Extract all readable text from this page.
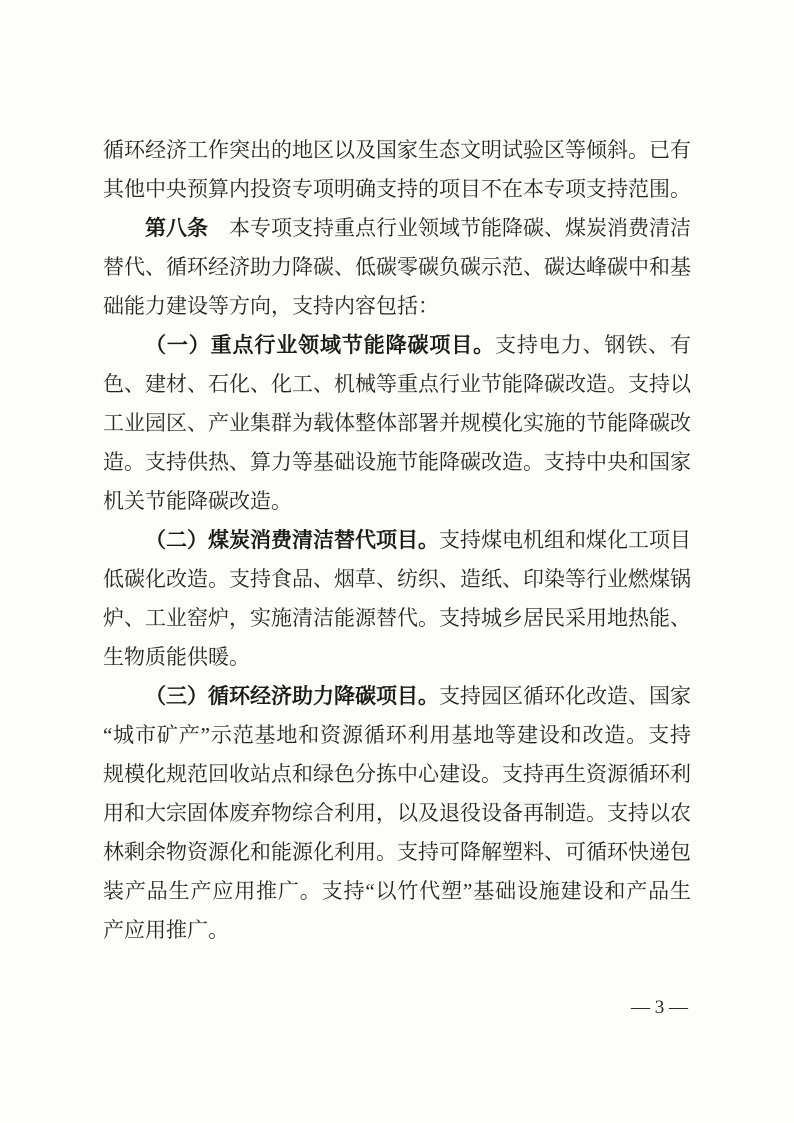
循环经济工作突出的地区以及国家生态文明试验区等倾斜。已有
其他中央预算内投资专项明确支持的项目不在本专项支持范围。
第八条 本专项支持重点行业领域节能降碳、煤炭消费清洁
替代、循环经济助力降碳、低碳零碳负碳示范、碳达峰碳中和基
础能力建设等方向，支持内容包括：
（一）重点行业领域节能降碳项目。支持电力、钢铁、有
色、建材、石化、化工、机械等重点行业节能降碳改造。支持以
工业园区、产业集群为载体整体部署并规模化实施的节能降碳改
造。支持供热、算力等基础设施节能降碳改造。支持中央和国家
机关节能降碳改造。
（二）煤炭消费清洁替代项目。支持煤电机组和煤化工项目
低碳化改造。支持食品、烟草、纺织、造纸、印染等行业燃煤锅
炉、工业窑炉，实施清洁能源替代。支持城乡居民采用地热能、
生物质能供暖。
（三）循环经济助力降碳项目。支持园区循环化改造、国家
“城市矿产”示范基地和资源循环利用基地等建设和改造。支持
规模化规范回收站点和绿色分拣中心建设。支持再生资源循环利
用和大宗固体废弃物综合利用，以及退役设备再制造。支持以农
林剩余物资源化和能源化利用。支持可降解塑料、可循环快递包
装产品生产应用推广。支持“以竹代塑”基础设施建设和产品生
产应用推广。
— 3 —
